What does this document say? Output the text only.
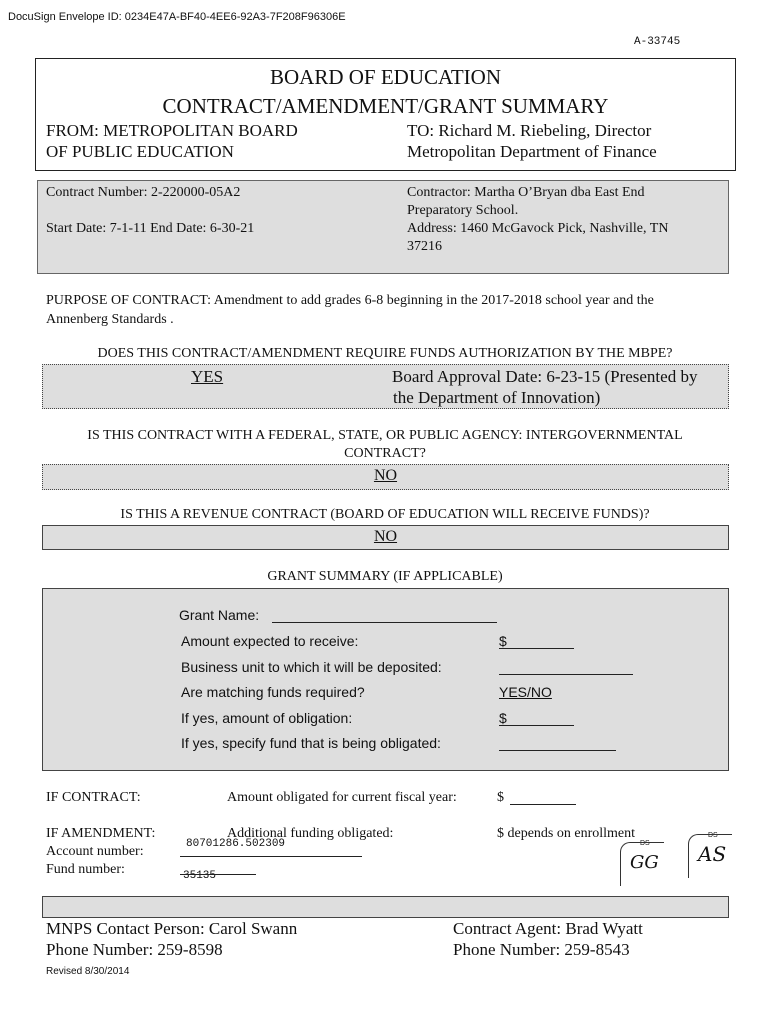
DocuSign Envelope ID: 0234E47A-BF40-4EE6-92A3-7F208F96306E
A-33745
BOARD OF EDUCATION
CONTRACT/AMENDMENT/GRANT SUMMARY
FROM: METROPOLITAN BOARD
OF PUBLIC EDUCATION
TO: Richard M. Riebeling, Director
Metropolitan Department of Finance
Contract Number: 2-220000-05A2
Start Date: 7-1-11 End Date: 6-30-21
Contractor: Martha O’Bryan dba East End
Preparatory School.
Address: 1460 McGavock Pick, Nashville, TN
37216
PURPOSE OF CONTRACT: Amendment to add grades 6-8 beginning in the 2017-2018 school year and the
Annenberg Standards .
DOES THIS CONTRACT/AMENDMENT REQUIRE FUNDS AUTHORIZATION BY THE MBPE?
YES	Board Approval Date: 6-23-15 (Presented by
the Department of Innovation)
IS THIS CONTRACT WITH A FEDERAL, STATE, OR PUBLIC AGENCY: INTERGOVERNMENTAL
CONTRACT?
NO
IS THIS A REVENUE CONTRACT (BOARD OF EDUCATION WILL RECEIVE FUNDS)?
NO
GRANT SUMMARY (IF APPLICABLE)
Grant Name:
Amount expected to receive:	$
Business unit to which it will be deposited:
Are matching funds required?	YES/NO
If yes, amount of obligation:	$
If yes, specify fund that is being obligated:
IF CONTRACT:	Amount obligated for current fiscal year:	$
IF AMENDMENT:	Additional funding obligated:	$ depends on enrollment
Account number:	80701286.502309
Fund number:	35135
DS
GG
DS
AS
MNPS Contact Person: Carol Swann
Phone Number: 259-8598
Contract Agent: Brad Wyatt
Phone Number: 259-8543
Revised 8/30/2014
